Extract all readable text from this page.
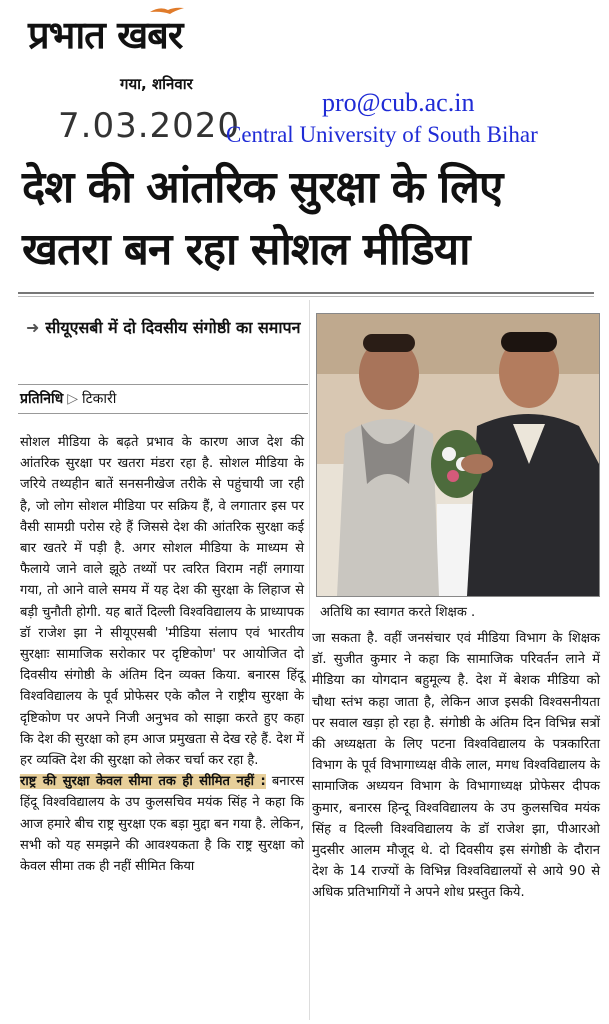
प्रभात खबर
गया, शनिवार
7.03.2020
pro@cub.ac.in
Central University of South Bihar
देश की आंतरिक सुरक्षा के लिए
खतरा बन रहा सोशल मीडिया
➜ सीयूएसबी में दो दिवसीय संगोष्ठी का समापन
प्रतिनिधि ▷ टिकारी

सोशल मीडिया के बढ़ते प्रभाव के कारण आज देश की आंतरिक सुरक्षा पर खतरा मंडरा रहा है. सोशल मीडिया के जरिये तथ्यहीन बातें सनसनीखेज तरीके से पहुंचायी जा रही है, जो लोग सोशल मीडिया पर सक्रिय हैं, वे लगातार इस पर वैसी सामग्री परोस रहे हैं जिससे देश की आंतरिक सुरक्षा कई बार खतरे में पड़ी है. अगर सोशल मीडिया के माध्यम से फैलाये जाने वाले झूठे तथ्यों पर त्वरित विराम नहीं लगाया गया, तो आने वाले समय में यह देश की सुरक्षा के लिहाज से बड़ी चुनौती होगी. यह बातें दिल्ली विश्वविद्यालय के प्राध्यापक डॉ राजेश झा ने सीयूएसबी 'मीडिया संलाप एवं भारतीय सुरक्षाः सामाजिक सरोकार पर दृष्टिकोण' पर आयोजित दो दिवसीय संगोष्ठी के अंतिम दिन व्यक्त किया. बनारस हिंदू विश्वविद्यालय के पूर्व प्रोफेसर एके कौल ने राष्ट्रीय सुरक्षा के दृष्टिकोण पर अपने निजी अनुभव को साझा करते हुए कहा कि देश की सुरक्षा को हम आज प्रमुखता से देख रहे हैं. देश में हर व्यक्ति देश की सुरक्षा को लेकर चर्चा कर रहा है.

राष्ट्र की सुरक्षा केवल सीमा तक ही सीमित नहीं : बनारस हिंदू विश्वविद्यालय के उप कुलसचिव मयंक सिंह ने कहा कि आज हमारे बीच राष्ट्र सुरक्षा एक बड़ा मुद्दा बन गया है. लेकिन, सभी को यह समझने की आवश्यकता है कि राष्ट्र सुरक्षा को केवल सीमा तक ही नहीं सीमित किया

अतिथि का स्वागत करते शिक्षक .

जा सकता है. वहीं जनसंचार एवं मीडिया विभाग के शिक्षक डॉ. सुजीत कुमार ने कहा कि सामाजिक परिवर्तन लाने में मीडिया का योगदान बहुमूल्य है. देश में बेशक मीडिया को चौथा स्तंभ कहा जाता है, लेकिन आज इसकी विश्वसनीयता पर सवाल खड़ा हो रहा है. संगोष्ठी के अंतिम दिन विभिन्न सत्रों की अध्यक्षता के लिए पटना विश्वविद्यालय के पत्रकारिता विभाग के पूर्व विभागाध्यक्ष वीके लाल, मगध विश्वविद्यालय के सामाजिक अध्ययन विभाग के विभागाध्यक्ष प्रोफेसर दीपक कुमार, बनारस हिन्दू विश्वविद्यालय के उप कुलसचिव मयंक सिंह व दिल्ली विश्वविद्यालय के डॉ राजेश झा, पीआरओ मुदसीर आलम मौजूद थे. दो दिवसीय इस संगोष्ठी के दौरान देश के 14 राज्यों के विभिन्न विश्वविद्यालयों से आये 90 से अधिक प्रतिभागियों ने अपने शोध प्रस्तुत किये.
